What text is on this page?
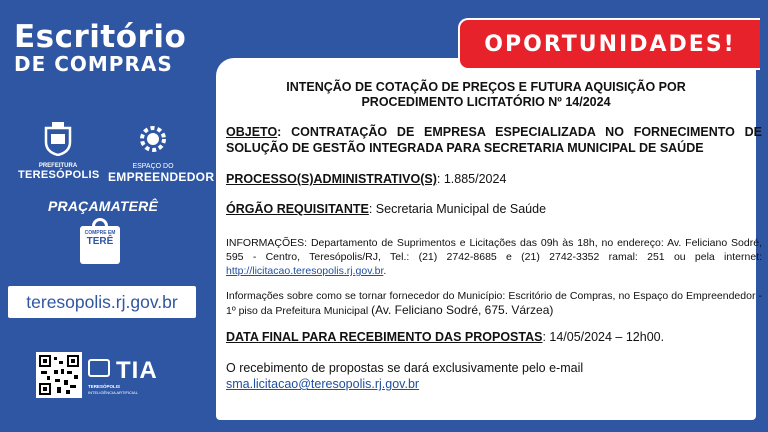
Escritório
DE COMPRAS
PREFEITURA
TERESÓPOLIS
ESPAÇO DO
EMPREENDEDOR
PRAÇAMATERÊ
COMPRE EM
TERÊ
teresopolis.rj.gov.br
TIA
TERESÓPOLIS
INTELIGÊNCIA ARTIFICIAL
INTENÇÃO DE COTAÇÃO DE PREÇOS E FUTURA AQUISIÇÃO POR
PROCEDIMENTO LICITATÓRIO Nº 14/2024
OBJETO: CONTRATAÇÃO DE EMPRESA ESPECIALIZADA NO FORNECIMENTO DE SOLUÇÃO DE GESTÃO INTEGRADA PARA SECRETARIA MUNICIPAL DE SAÚDE
PROCESSO(S)ADMINISTRATIVO(S): 1.885/2024
ÓRGÃO REQUISITANTE: Secretaria Municipal de Saúde
INFORMAÇÕES: Departamento de Suprimentos e Licitações das 09h às 18h, no endereço: Av. Feliciano Sodré, 595 - Centro, Teresópolis/RJ, Tel.: (21) 2742-8685 e (21) 2742-3352 ramal: 251 ou pela internet: http://licitacao.teresopolis.rj.gov.br.
Informações sobre como se tornar fornecedor do Município: Escritório de Compras, no Espaço do Empreendedor - 1º piso da Prefeitura Municipal (Av. Feliciano Sodré, 675. Várzea)
DATA FINAL PARA RECEBIMENTO DAS PROPOSTAS: 14/05/2024 – 12h00.
O recebimento de propostas se dará exclusivamente pelo e-mail
sma.licitacao@teresopolis.rj.gov.br
OPORTUNIDADES!
